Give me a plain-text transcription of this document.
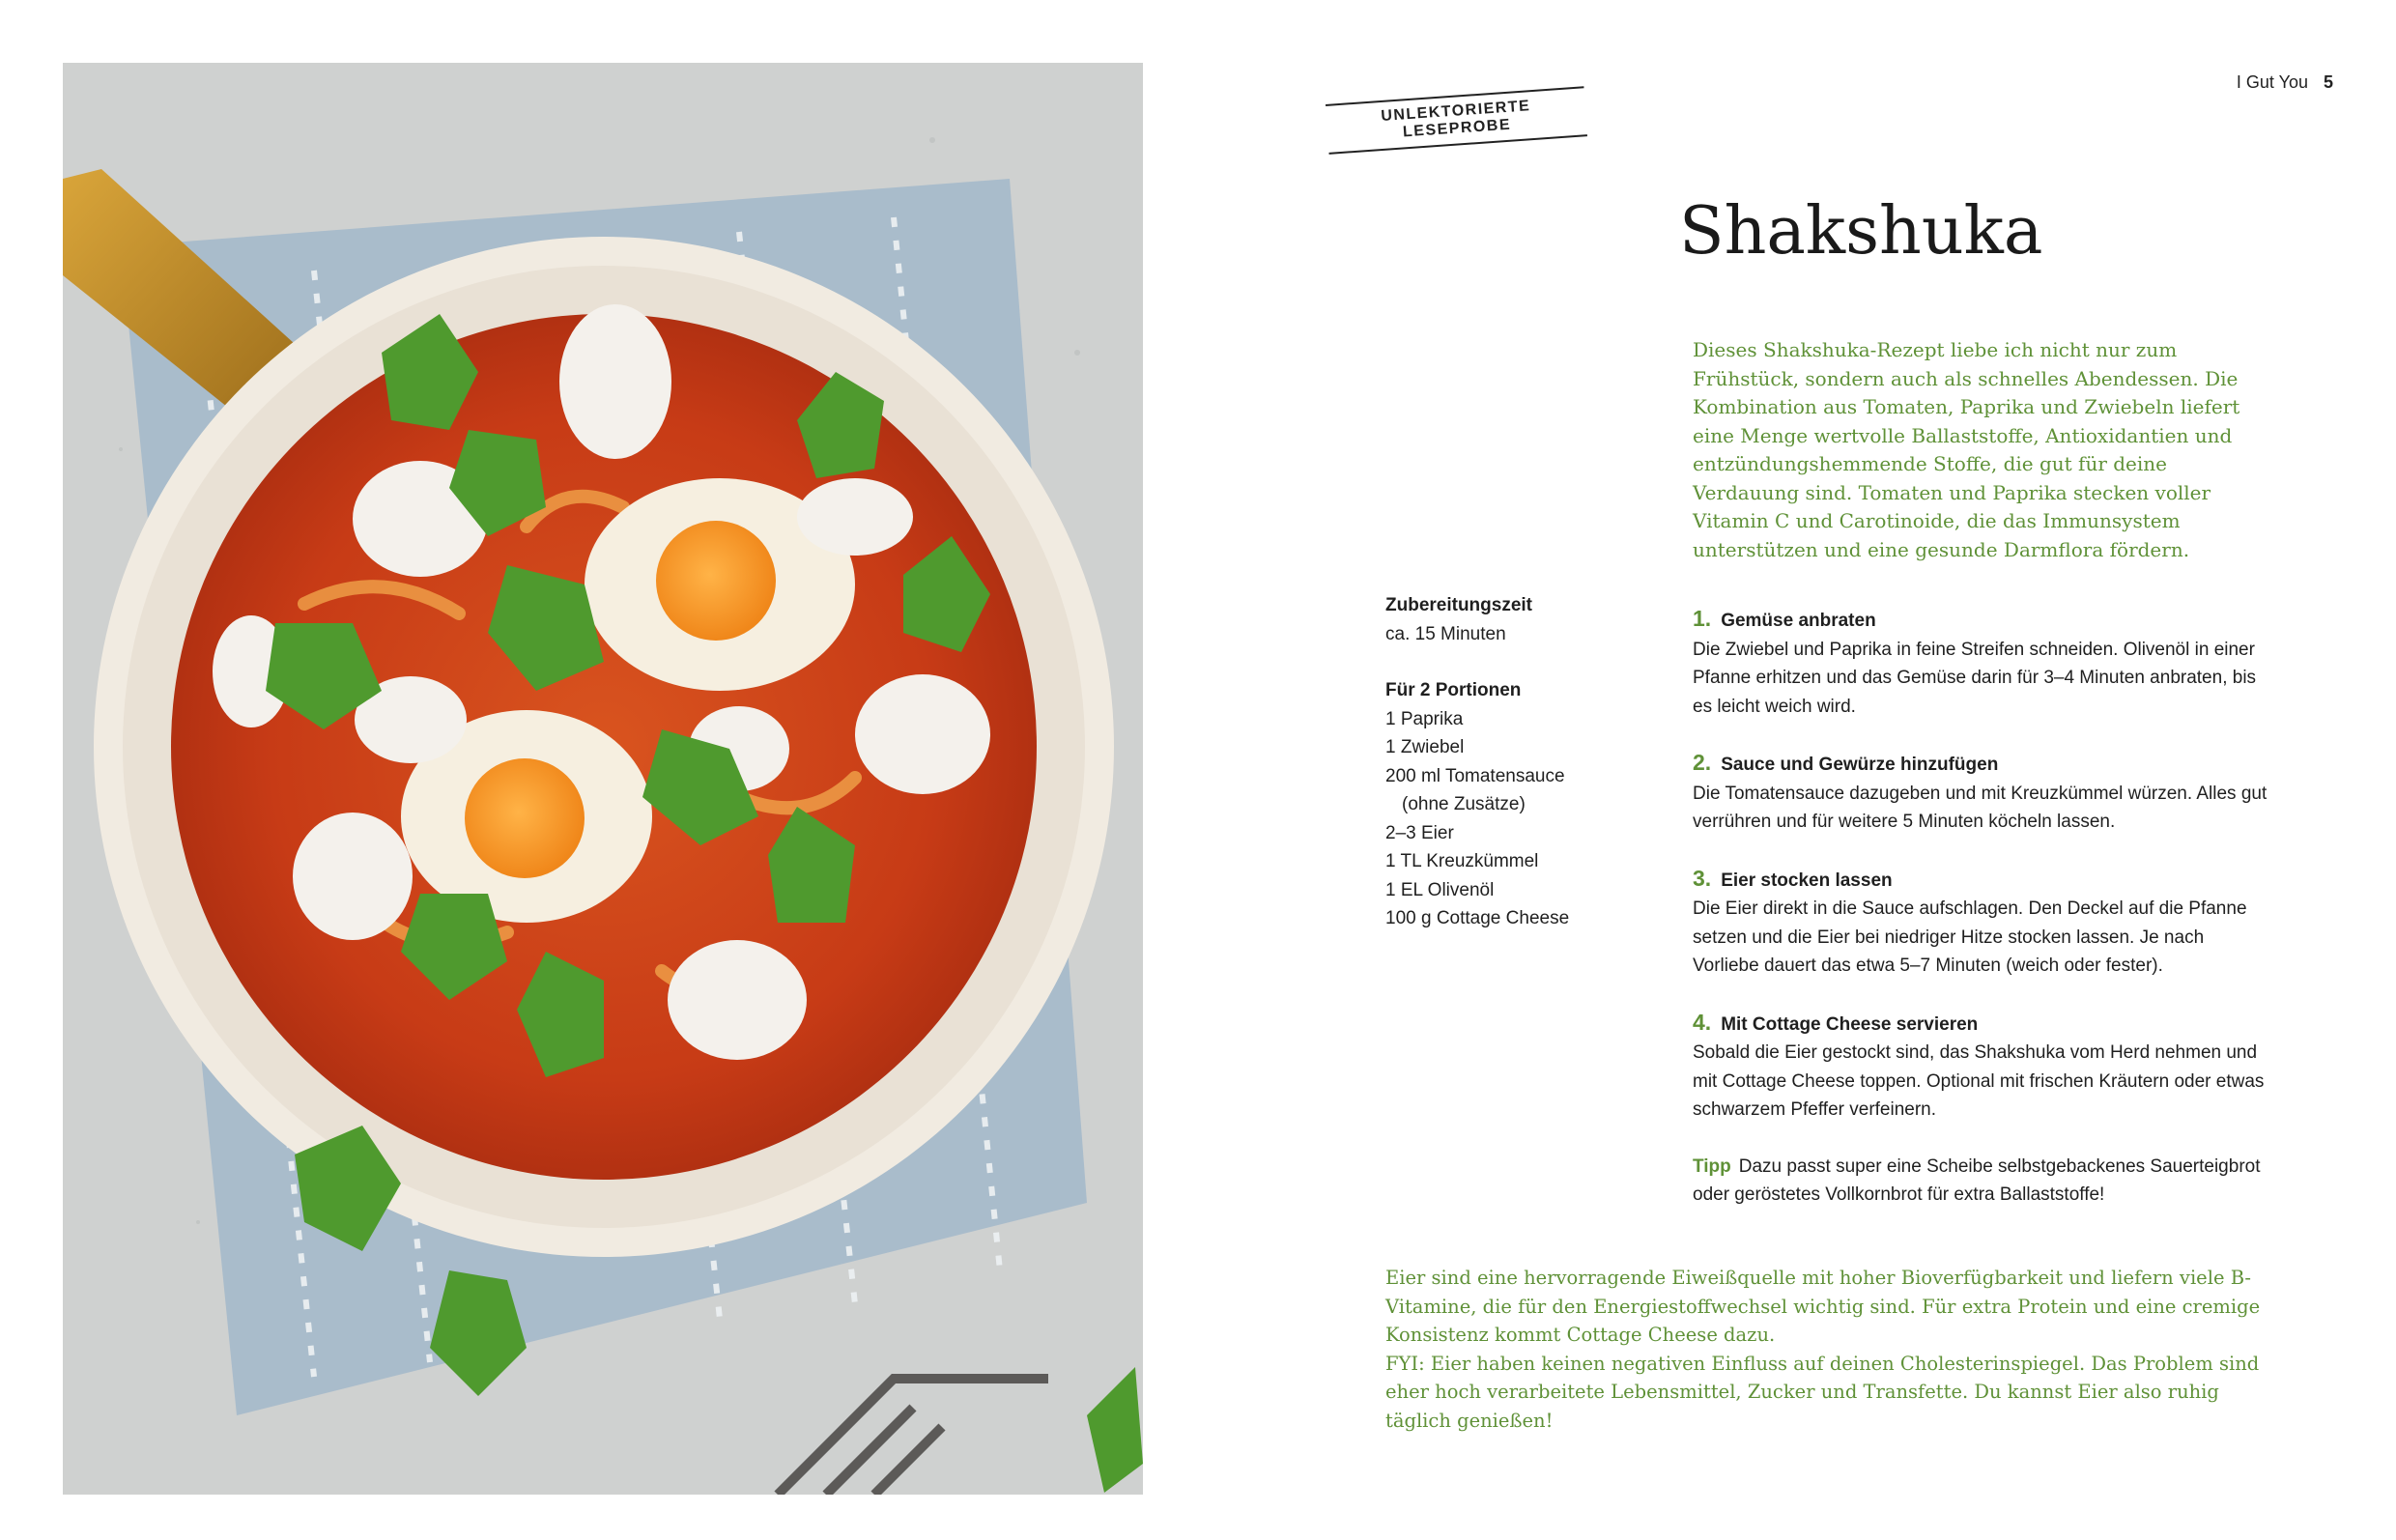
I Gut You 5
UNLEKTORIERTE LESEPROBE
Shakshuka

Dieses Shakshuka-Rezept liebe ich nicht nur zum Frühstück, sondern auch als schnelles Abendessen. Die Kombination aus Tomaten, Paprika und Zwiebeln liefert eine Menge wertvolle Ballaststoffe, Antioxidantien und entzündungshemmende Stoffe, die gut für deine Verdauung sind. Tomaten und Paprika stecken voller Vitamin C und Carotinoide, die das Immunsystem unterstützen und eine gesunde Darmflora fördern.

Zubereitungszeit
ca. 15 Minuten
Für 2 Portionen
1 Paprika
1 Zwiebel
200 ml Tomatensauce
(ohne Zusätze)
2–3 Eier
1 TL Kreuzkümmel
1 EL Olivenöl
100 g Cottage Cheese
1. Gemüse anbraten
Die Zwiebel und Paprika in feine Streifen schneiden. Olivenöl in einer Pfanne erhitzen und das Gemüse darin für 3–4 Minuten anbraten, bis es leicht weich wird.
2. Sauce und Gewürze hinzufügen
Die Tomatensauce dazugeben und mit Kreuzkümmel würzen. Alles gut verrühren und für weitere 5 Minuten köcheln lassen.
3. Eier stocken lassen
Die Eier direkt in die Sauce aufschlagen. Den Deckel auf die Pfanne setzen und die Eier bei niedriger Hitze stocken lassen. Je nach Vorliebe dauert das etwa 5–7 Minuten (weich oder fester).
4. Mit Cottage Cheese servieren
Sobald die Eier gestockt sind, das Shakshuka vom Herd nehmen und mit Cottage Cheese toppen. Optional mit frischen Kräutern oder etwas schwarzem Pfeffer verfeinern.
Tipp Dazu passt super eine Scheibe selbstgebackenes Sauerteigbrot oder geröstetes Vollkornbrot für extra Ballaststoffe!

Eier sind eine hervorragende Eiweißquelle mit hoher Bioverfügbarkeit und liefern viele B-Vitamine, die für den Energiestoffwechsel wichtig sind. Für extra Protein und eine cremige Konsistenz kommt Cottage Cheese dazu.

FYI: Eier haben keinen negativen Einfluss auf deinen Cholesterinspiegel. Das Problem sind eher hoch verarbeitete Lebensmittel, Zucker und Transfette. Du kannst Eier also ruhig täglich genießen!
